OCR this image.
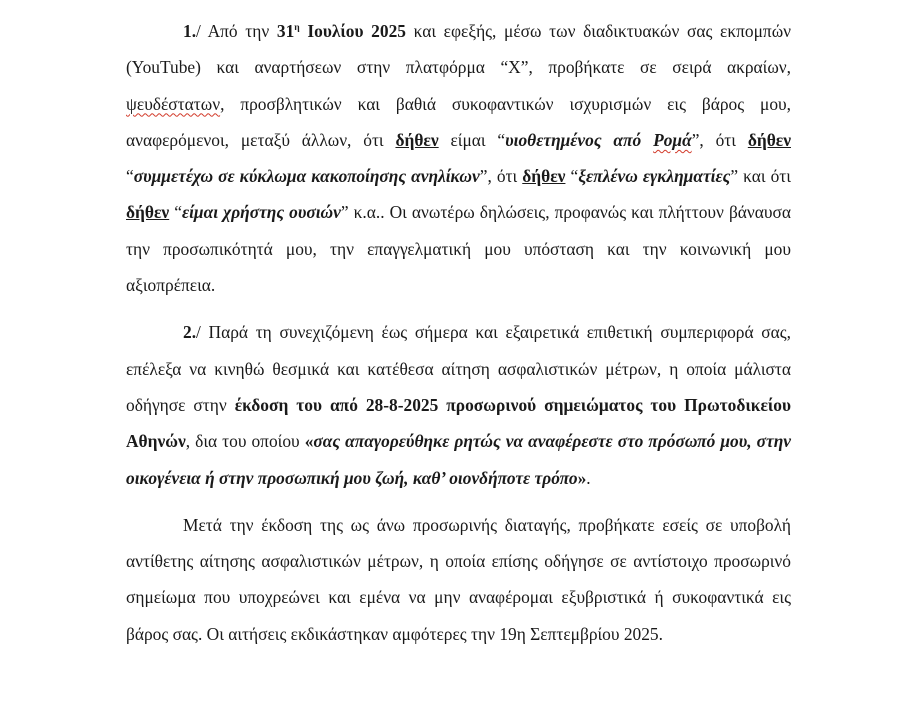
1./ Από την $31^\eta$ Ιουλίου 2025 και εφεξής, μέσω των διαδικτυακών σας εκπομπών (YouTube) και αναρτήσεων στην πλατφόρμα “X”, προβήκατε σε σειρά ακραίων, ψευδέστατων, προσβλητικών και βαθιά συκοφαντικών ισχυρισμών εις βάρος μου, αναφερόμενοι, μεταξύ άλλων, ότι δήθεν είμαι “υιοθετημένος από Ρομά”, ότι δήθεν “συμμετέχω σε κύκλωμα κακοποίησης ανηλίκων”, ότι δήθεν “ξεπλένω εγκληματίες” και ότι δήθεν “είμαι χρήστης ουσιών” κ.α.. Οι ανωτέρω δηλώσεις, προφανώς και πλήττουν βάναυσα την προσωπικότητά μου, την επαγγελματική μου υπόσταση και την κοινωνική μου αξιοπρέπεια.

2./ Παρά τη συνεχιζόμενη έως σήμερα και εξαιρετικά επιθετική συμπεριφορά σας, επέλεξα να κινηθώ θεσμικά και κατέθεσα αίτηση ασφαλιστικών μέτρων, η οποία μάλιστα οδήγησε στην έκδοση του από 28-8-2025 προσωρινού σημειώματος του Πρωτοδικείου Αθηνών, δια του οποίου «σας απαγορεύθηκε ρητώς να αναφέρεστε στο πρόσωπό μου, στην οικογένεια ή στην προσωπική μου ζωή, καθ’ οιονδήποτε τρόπο».

Μετά την έκδοση της ως άνω προσωρινής διαταγής, προβήκατε εσείς σε υποβολή αντίθετης αίτησης ασφαλιστικών μέτρων, η οποία επίσης οδήγησε σε αντίστοιχο προσωρινό σημείωμα που υποχρεώνει και εμένα να μην αναφέρομαι εξυβριστικά ή συκοφαντικά εις βάρος σας. Οι αιτήσεις εκδικάστηκαν αμφότερες την 19η Σεπτεμβρίου 2025.
